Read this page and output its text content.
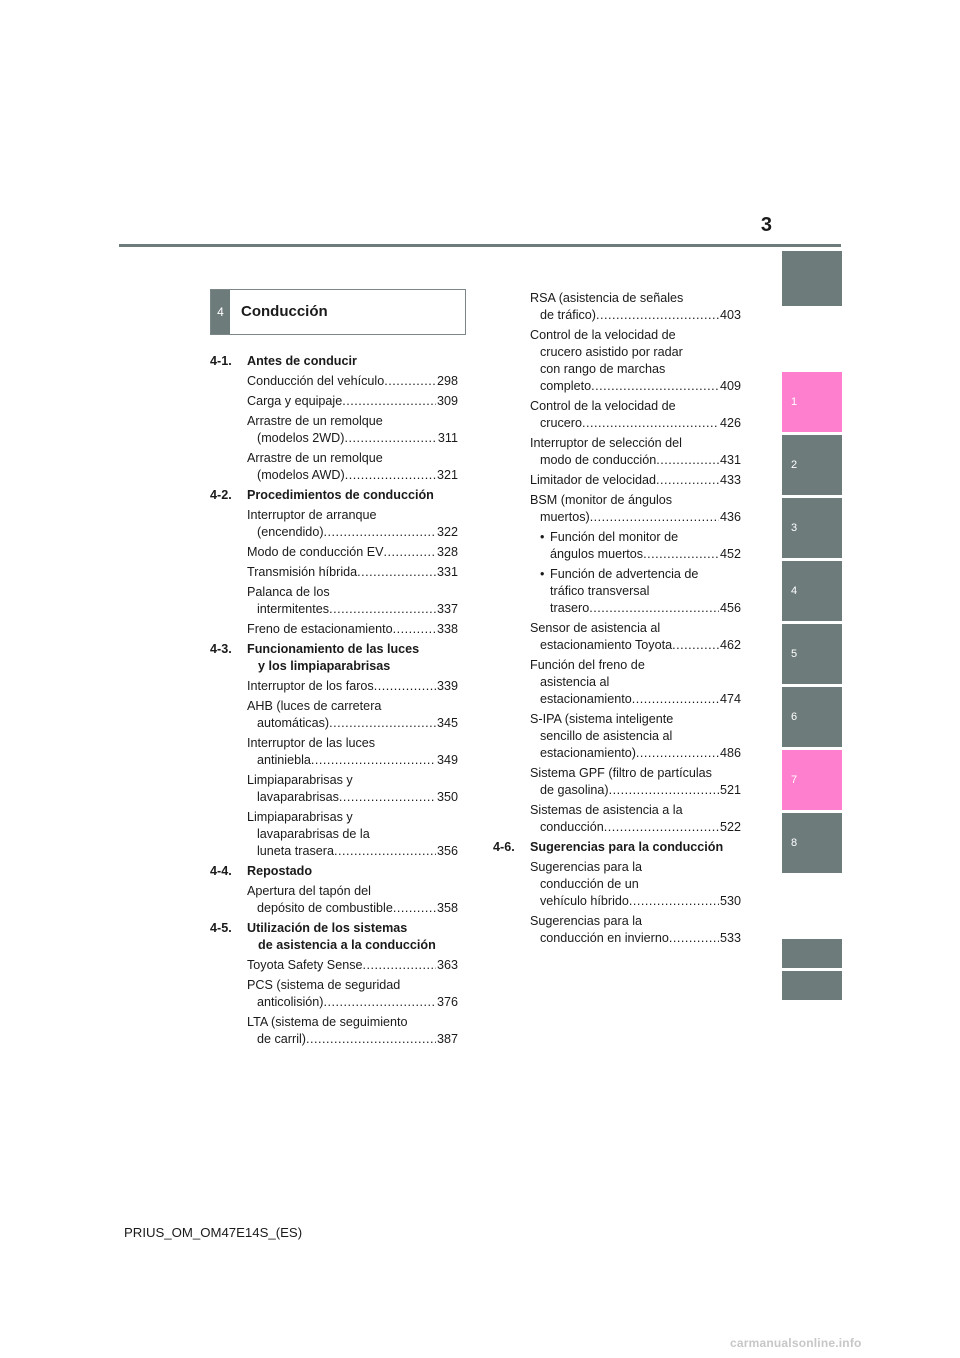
3
1
2
3
4
5
6
7
8
4	Conducción
4-1. Antes de conducir
Conducción del vehículo .....	298
Carga y equipaje .....	309
Arrastre de un remolque
(modelos 2WD) .....	311
Arrastre de un remolque
(modelos AWD) .....	321
4-2. Procedimientos de conducción
Interruptor de arranque
(encendido) .....	322
Modo de conducción EV .....	328
Transmisión híbrida .....	331
Palanca de los
intermitentes .....	337
Freno de estacionamiento .....	338
4-3. Funcionamiento de las luces
y los limpiaparabrisas
Interruptor de los faros .....	339
AHB (luces de carretera
automáticas) .....	345
Interruptor de las luces
antiniebla .....	349
Limpiaparabrisas y
lavaparabrisas .....	350
Limpiaparabrisas y
lavaparabrisas de la
luneta trasera .....	356
4-4. Repostado
Apertura del tapón del
depósito de combustible .....	358
4-5. Utilización de los sistemas
de asistencia a la conducción
Toyota Safety Sense .....	363
PCS (sistema de seguridad
anticolisión) .....	376
LTA (sistema de seguimiento
de carril) .....	387
RSA (asistencia de señales
de tráfico) .....	403
Control de la velocidad de
crucero asistido por radar
con rango de marchas
completo .....	409
Control de la velocidad de
crucero .....	426
Interruptor de selección del
modo de conducción .....	431
Limitador de velocidad .....	433
BSM (monitor de ángulos
muertos) .....	436
• Función del monitor de
ángulos muertos .....	452
• Función de advertencia de
tráfico transversal
trasero .....	456
Sensor de asistencia al
estacionamiento Toyota .....	462
Función del freno de
asistencia al
estacionamiento .....	474
S-IPA (sistema inteligente
sencillo de asistencia al
estacionamiento) .....	486
Sistema GPF (filtro de partículas
de gasolina) .....	521
Sistemas de asistencia a la
conducción .....	522
4-6. Sugerencias para la conducción
Sugerencias para la
conducción de un
vehículo híbrido .....	530
Sugerencias para la
conducción en invierno .....	533
PRIUS_OM_OM47E14S_(ES)
carmanualsonline.info
